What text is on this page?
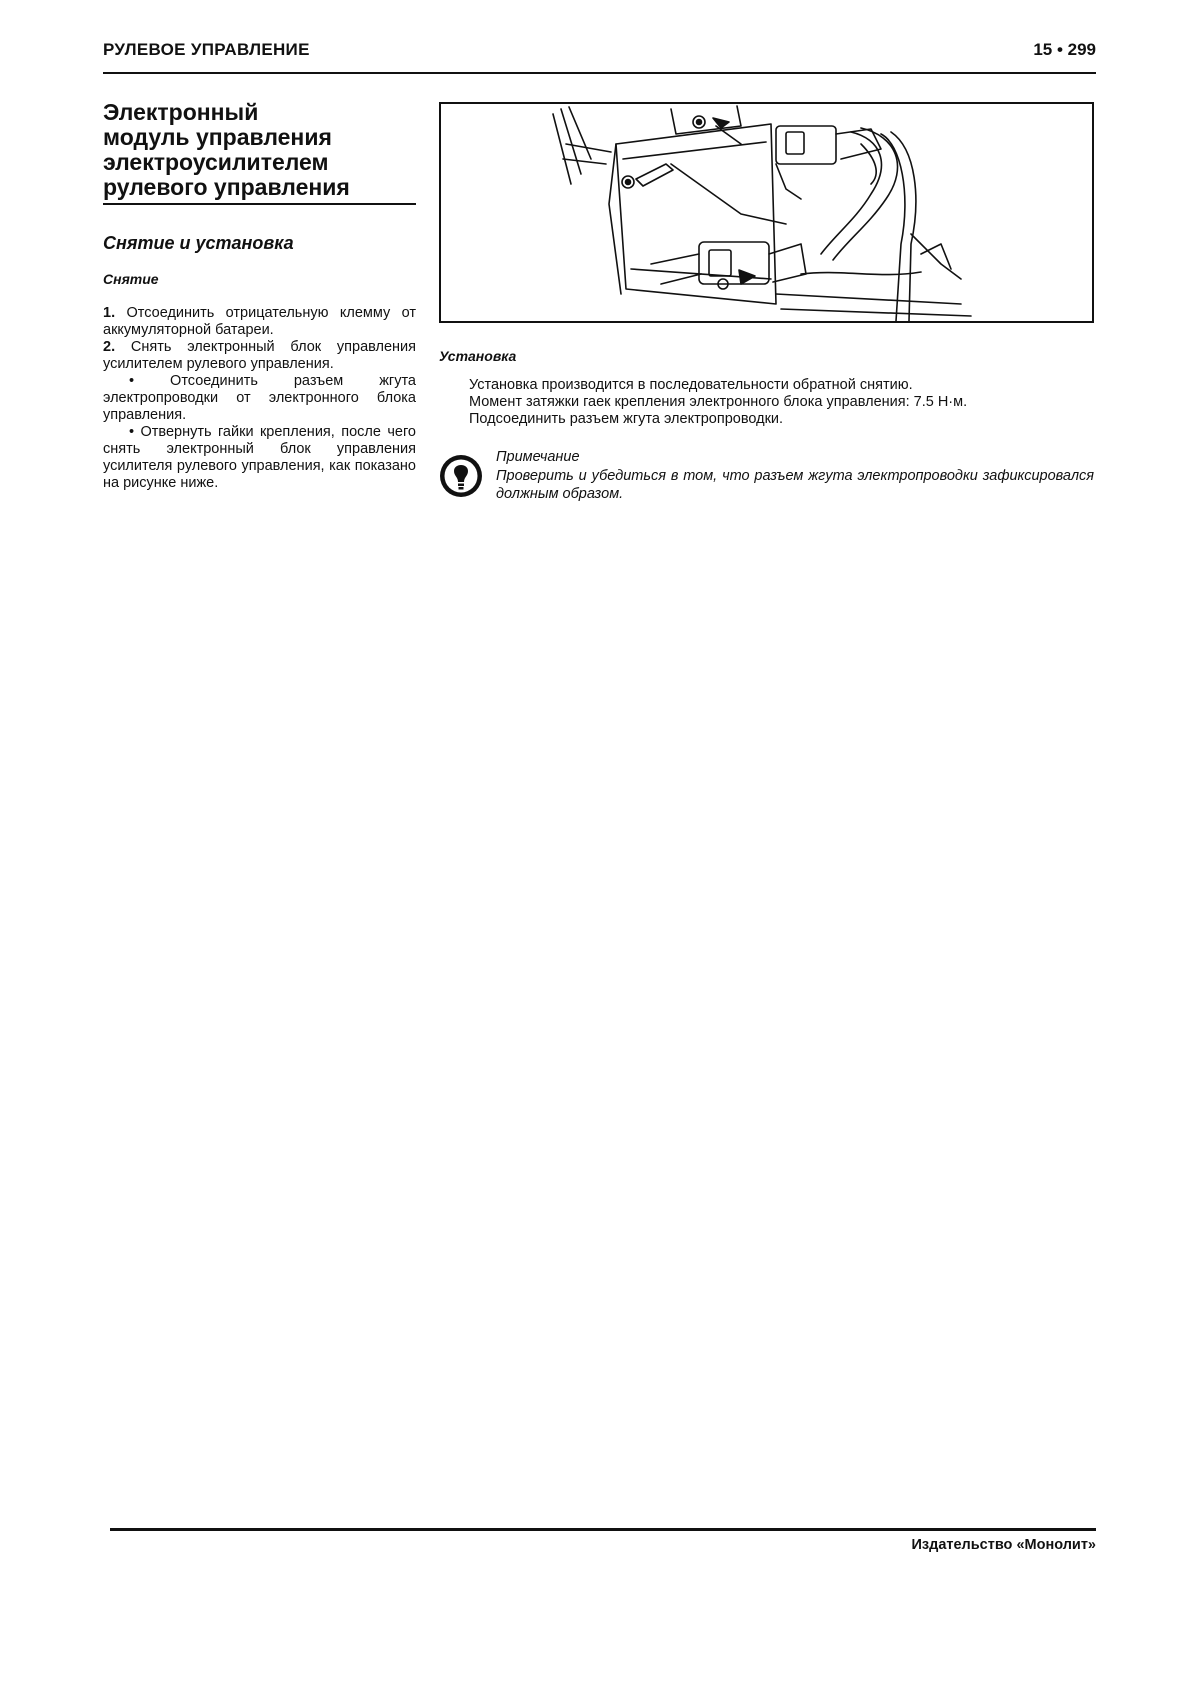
РУЛЕВОЕ УПРАВЛЕНИЕ	15 • 299
Электронный
модуль управления
электроусилителем
рулевого управления
Снятие и установка
Снятие

1. Отсоединить отрицательную клемму от аккумуляторной батареи.

2. Снять электронный блок управления усилителем рулевого управления.

• Отсоединить разъем жгута электропроводки от электронного блока управления.

• Отвернуть гайки крепления, после чего снять электронный блок управления усилителя рулевого управления, как показано на рисунке ниже.

Установка

Установка производится в последовательности обратной снятию.

Момент затяжки гаек крепления электронного блока управления: 7.5 Н·м.

Подсоединить разъем жгута электропроводки.

Примечание
Проверить и убедиться в том, что разъем жгута электропроводки зафиксировался должным образом.
Издательство «Монолит»
